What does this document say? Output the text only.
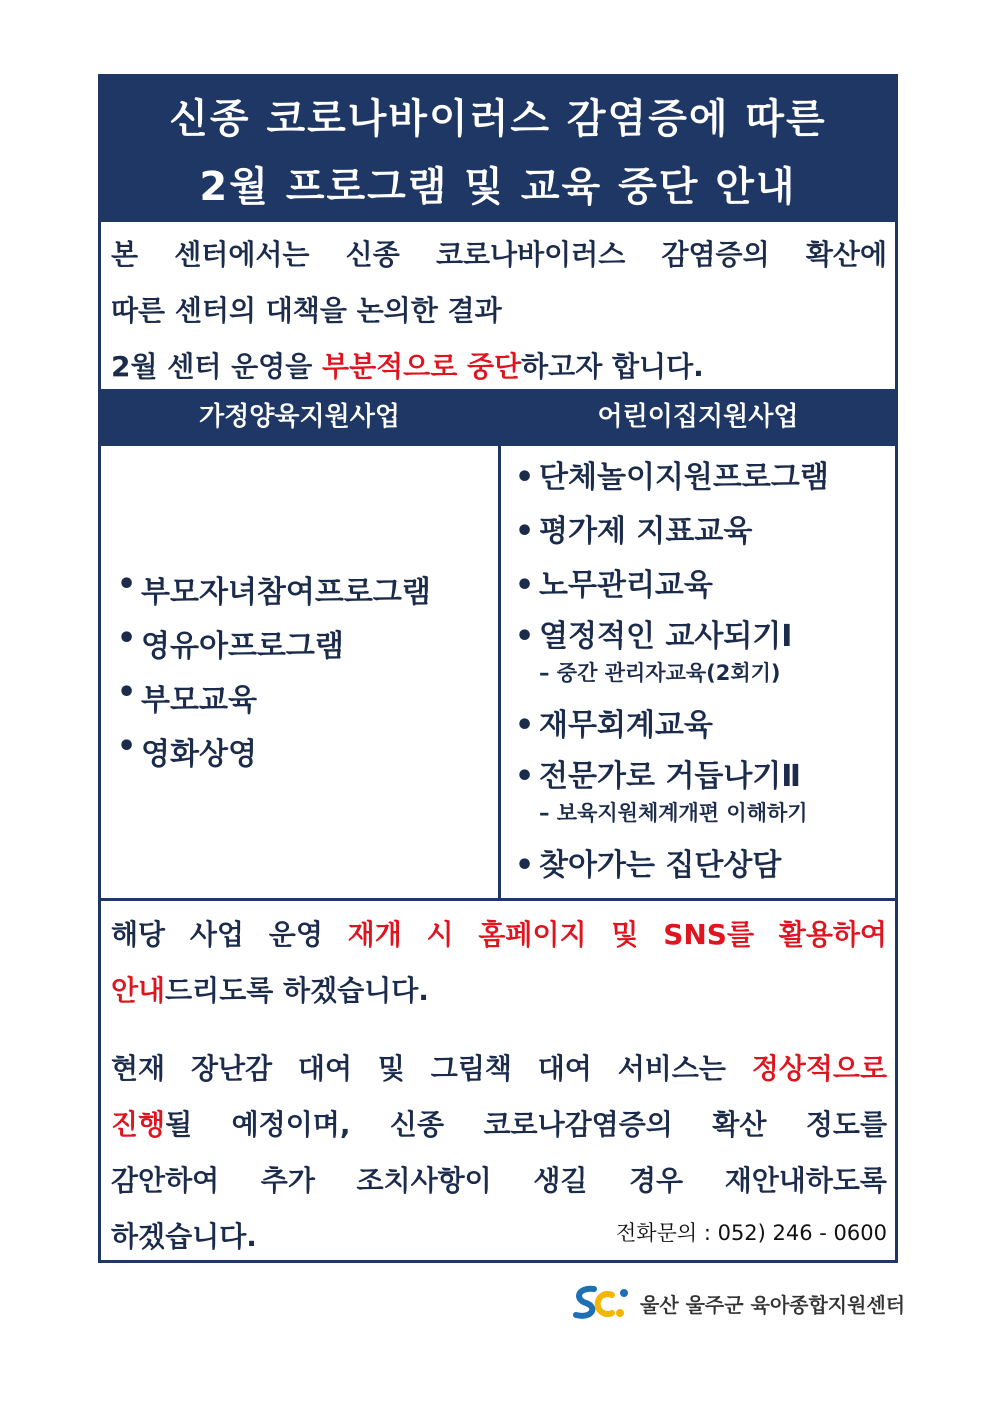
신종 코로나바이러스 감염증에 따른
2월 프로그램 및 교육 중단 안내
본 센터에서는 신종 코로나바이러스 감염증의 확산에
따른 센터의 대책을 논의한 결과
2월 센터 운영을 부분적으로 중단하고자 합니다.
가정양육지원사업	어린이집지원사업
• 부모자녀참여프로그램
• 영유아프로그램
• 부모교육
• 영화상영
• 단체놀이지원프로그램
• 평가제 지표교육
• 노무관리교육
• 열정적인 교사되기Ⅰ
– 중간 관리자교육(2회기)
• 재무회계교육
• 전문가로 거듭나기Ⅱ
– 보육지원체계개편 이해하기
• 찾아가는 집단상담
해당 사업 운영 재개 시 홈페이지 및 SNS를 활용하여
안내드리도록 하겠습니다.
현재 장난감 대여 및 그림책 대여 서비스는 정상적으로
진행될 예정이며, 신종 코로나감염증의 확산 정도를
감안하여 추가 조치사항이 생길 경우 재안내하도록
하겠습니다.	전화문의 : 052) 246 - 0600
울산 울주군 육아종합지원센터
